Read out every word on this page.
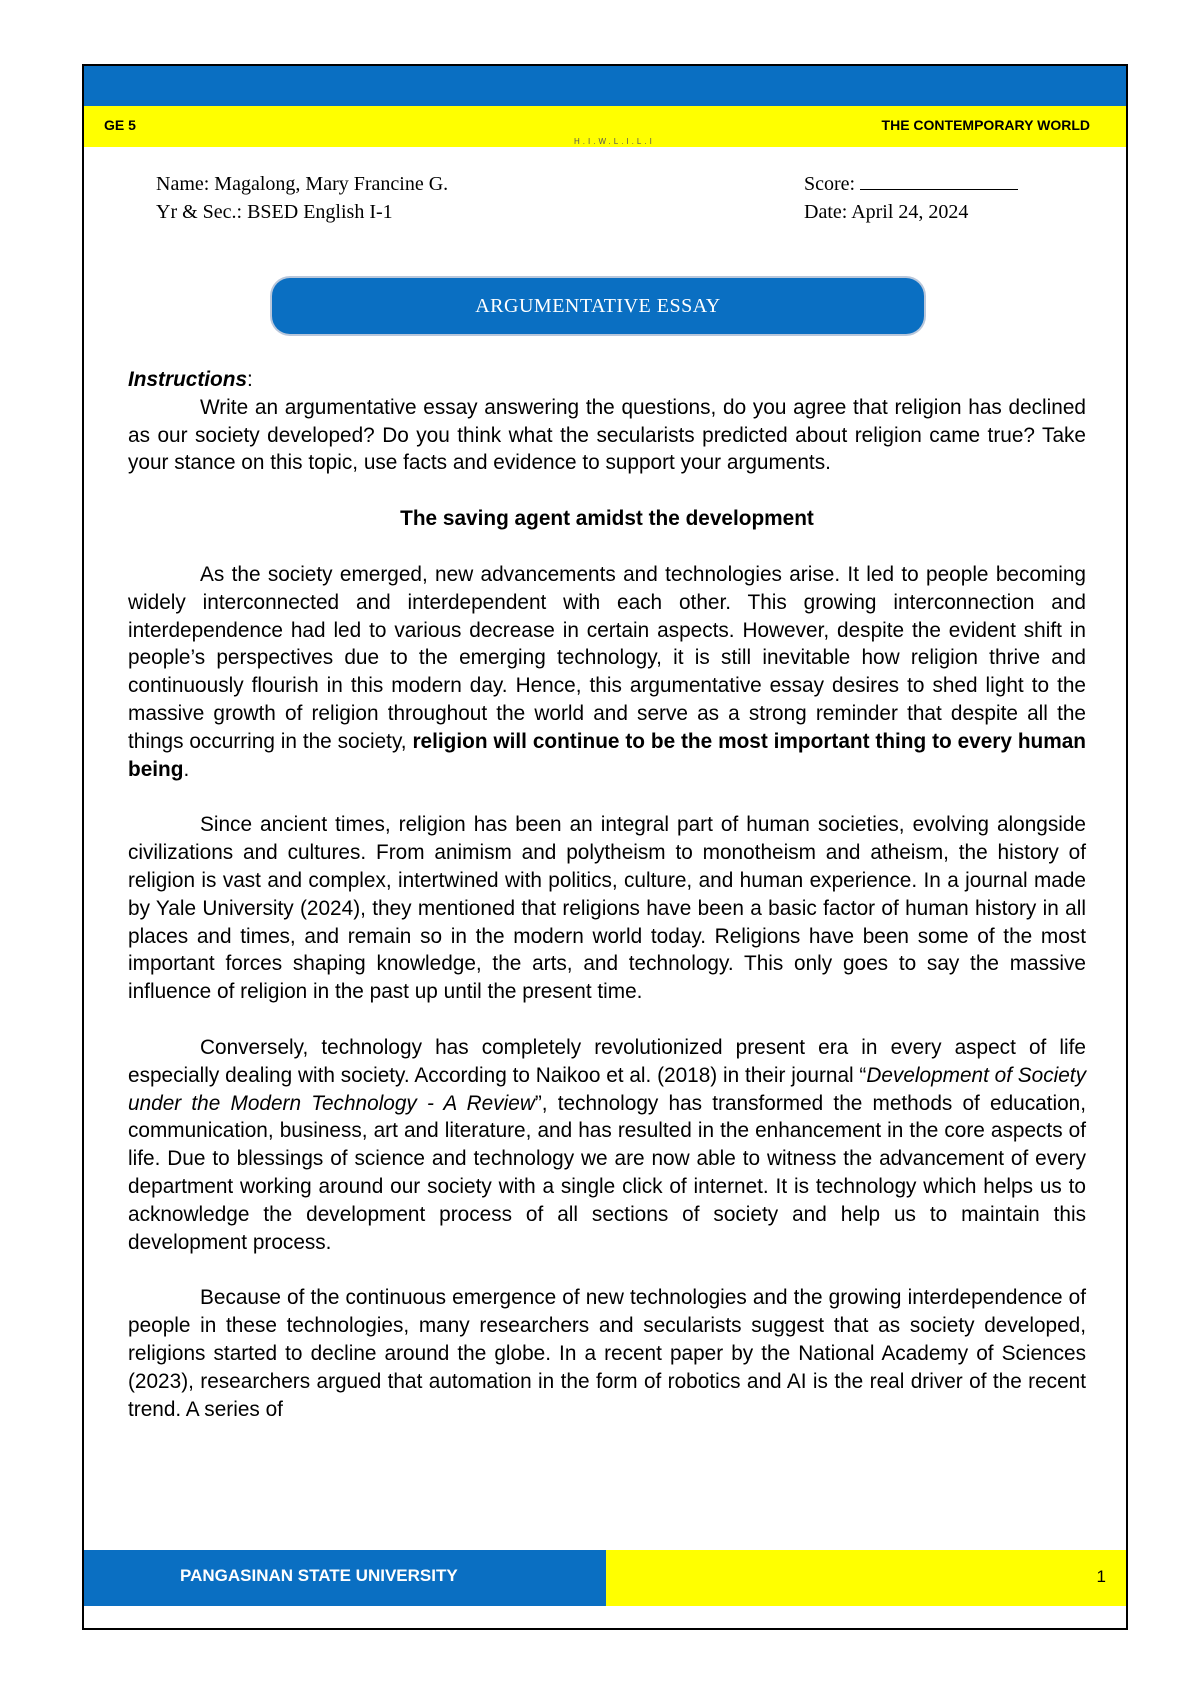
GE 5
H.I.W.L.I.L.I
THE CONTEMPORARY WORLD
Name: Magalong, Mary Francine G.
Yr & Sec.: BSED English I-1
Score:
Date: April 24, 2024
ARGUMENTATIVE ESSAY

Instructions:

Write an argumentative essay answering the questions, do you agree that religion has declined as our society developed? Do you think what the secularists predicted about religion came true? Take your stance on this topic, use facts and evidence to support your arguments.

The saving agent amidst the development

As the society emerged, new advancements and technologies arise. It led to people becoming widely interconnected and interdependent with each other. This growing interconnection and interdependence had led to various decrease in certain aspects. However, despite the evident shift in people’s perspectives due to the emerging technology, it is still inevitable how religion thrive and continuously flourish in this modern day. Hence, this argumentative essay desires to shed light to the massive growth of religion throughout the world and serve as a strong reminder that despite all the things occurring in the society, religion will continue to be the most important thing to every human being.

Since ancient times, religion has been an integral part of human societies, evolving alongside civilizations and cultures. From animism and polytheism to monotheism and atheism, the history of religion is vast and complex, intertwined with politics, culture, and human experience. In a journal made by Yale University (2024), they mentioned that religions have been a basic factor of human history in all places and times, and remain so in the modern world today. Religions have been some of the most important forces shaping knowledge, the arts, and technology. This only goes to say the massive influence of religion in the past up until the present time.

Conversely, technology has completely revolutionized present era in every aspect of life especially dealing with society. According to Naikoo et al. (2018) in their journal “Development of Society under the Modern Technology - A Review”, technology has transformed the methods of education, communication, business, art and literature, and has resulted in the enhancement in the core aspects of life. Due to blessings of science and technology we are now able to witness the advancement of every department working around our society with a single click of internet. It is technology which helps us to acknowledge the development process of all sections of society and help us to maintain this development process.

Because of the continuous emergence of new technologies and the growing interdependence of people in these technologies, many researchers and secularists suggest that as society developed, religions started to decline around the globe. In a recent paper by the National Academy of Sciences (2023), researchers argued that automation in the form of robotics and AI is the real driver of the recent trend. A series of

PANGASINAN STATE UNIVERSITY	1
